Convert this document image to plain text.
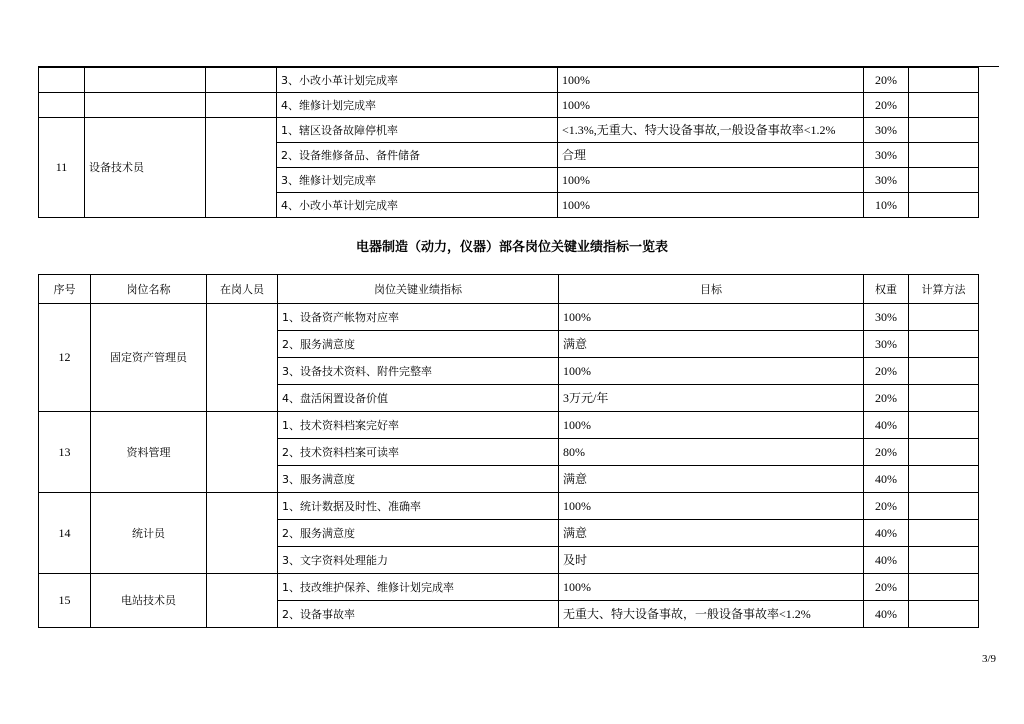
			3、小改小革计划完成率	100%	20%	
			4、维修计划完成率	100%	20%	
11	设备技术员		1、辖区设备故障停机率	<1.3%,无重大、特大设备事故,一般设备事故率<1.2%	30%	
			2、设备维修备品、备件储备	合理	30%	
			3、维修计划完成率	100%	30%	
			4、小改小革计划完成率	100%	10%	
电器制造（动力，仪器）部各岗位关键业绩指标一览表
序号	岗位名称	在岗人员	岗位关键业绩指标	目标	权重	计算方法
12	固定资产管理员		1、设备资产帐物对应率	100%	30%	
			2、服务满意度	满意	30%	
			3、设备技术资料、附件完整率	100%	20%	
			4、盘活闲置设备价值	3万元/年	20%	
13	资料管理		1、技术资料档案完好率	100%	40%	
			2、技术资料档案可读率	80%	20%	
			3、服务满意度	满意	40%	
14	统计员		1、统计数据及时性、准确率	100%	20%	
			2、服务满意度	满意	40%	
			3、文字资料处理能力	及时	40%	
15	电站技术员		1、技改维护保养、维修计划完成率	100%	20%	
			2、设备事故率	无重大、特大设备事故，一般设备事故率<1.2%	40%	
3/9
